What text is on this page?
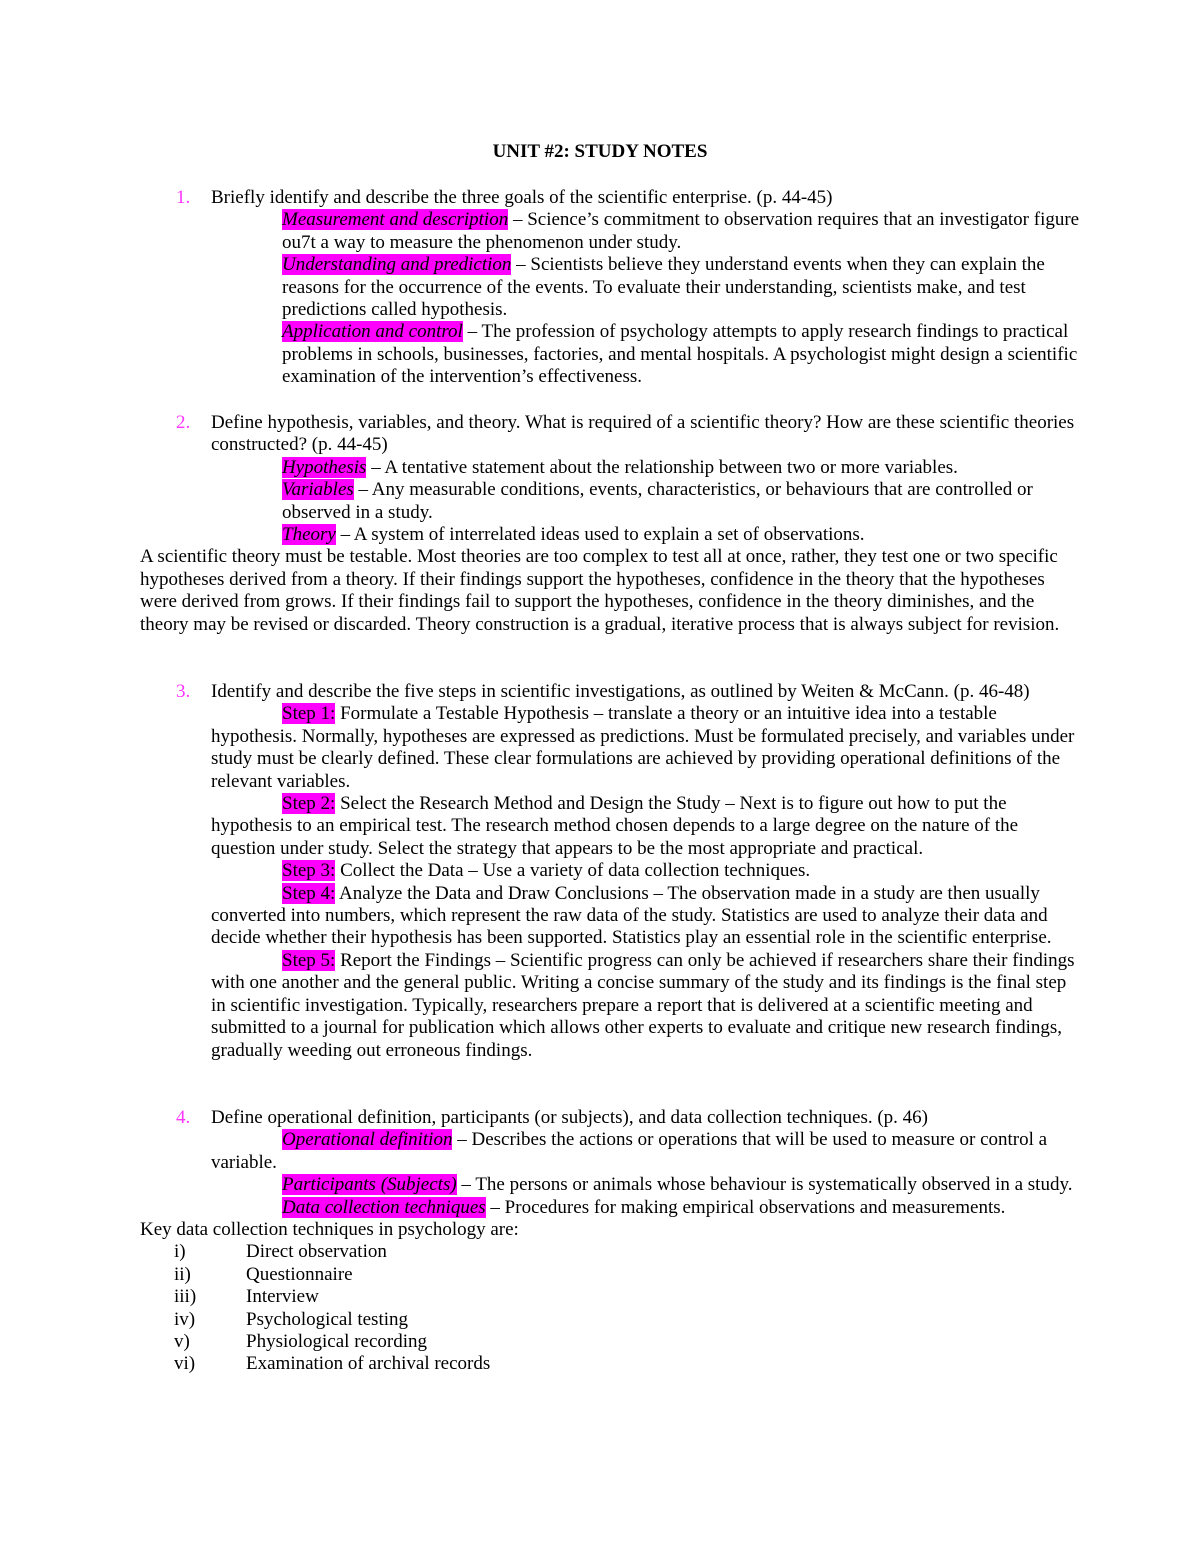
UNIT #2: STUDY NOTES
1. Briefly identify and describe the three goals of the scientific enterprise. (p. 44-45)
Measurement and description – Science’s commitment to observation requires that an investigator figure ou7t a way to measure the phenomenon under study.
Understanding and prediction – Scientists believe they understand events when they can explain the reasons for the occurrence of the events. To evaluate their understanding, scientists make, and test predictions called hypothesis.
Application and control – The profession of psychology attempts to apply research findings to practical problems in schools, businesses, factories, and mental hospitals. A psychologist might design a scientific examination of the intervention’s effectiveness.
2. Define hypothesis, variables, and theory. What is required of a scientific theory? How are these scientific theories constructed? (p. 44-45)
Hypothesis – A tentative statement about the relationship between two or more variables.
Variables – Any measurable conditions, events, characteristics, or behaviours that are controlled or observed in a study.
Theory – A system of interrelated ideas used to explain a set of observations.
A scientific theory must be testable. Most theories are too complex to test all at once, rather, they test one or two specific hypotheses derived from a theory. If their findings support the hypotheses, confidence in the theory that the hypotheses were derived from grows. If their findings fail to support the hypotheses, confidence in the theory diminishes, and the theory may be revised or discarded. Theory construction is a gradual, iterative process that is always subject for revision.
3. Identify and describe the five steps in scientific investigations, as outlined by Weiten & McCann. (p. 46-48)
Step 1: Formulate a Testable Hypothesis – translate a theory or an intuitive idea into a testable hypothesis. Normally, hypotheses are expressed as predictions. Must be formulated precisely, and variables under study must be clearly defined. These clear formulations are achieved by providing operational definitions of the relevant variables.
Step 2: Select the Research Method and Design the Study – Next is to figure out how to put the hypothesis to an empirical test. The research method chosen depends to a large degree on the nature of the question under study. Select the strategy that appears to be the most appropriate and practical.
Step 3: Collect the Data – Use a variety of data collection techniques.
Step 4: Analyze the Data and Draw Conclusions – The observation made in a study are then usually converted into numbers, which represent the raw data of the study. Statistics are used to analyze their data and decide whether their hypothesis has been supported. Statistics play an essential role in the scientific enterprise.
Step 5: Report the Findings – Scientific progress can only be achieved if researchers share their findings with one another and the general public. Writing a concise summary of the study and its findings is the final step in scientific investigation. Typically, researchers prepare a report that is delivered at a scientific meeting and submitted to a journal for publication which allows other experts to evaluate and critique new research findings, gradually weeding out erroneous findings.
4. Define operational definition, participants (or subjects), and data collection techniques. (p. 46)
Operational definition – Describes the actions or operations that will be used to measure or control a variable.
Participants (Subjects) – The persons or animals whose behaviour is systematically observed in a study.
Data collection techniques – Procedures for making empirical observations and measurements.
Key data collection techniques in psychology are:
i)	Direct observation
ii)	Questionnaire
iii)	Interview
iv)	Psychological testing
v)	Physiological recording
vi)	Examination of archival records
